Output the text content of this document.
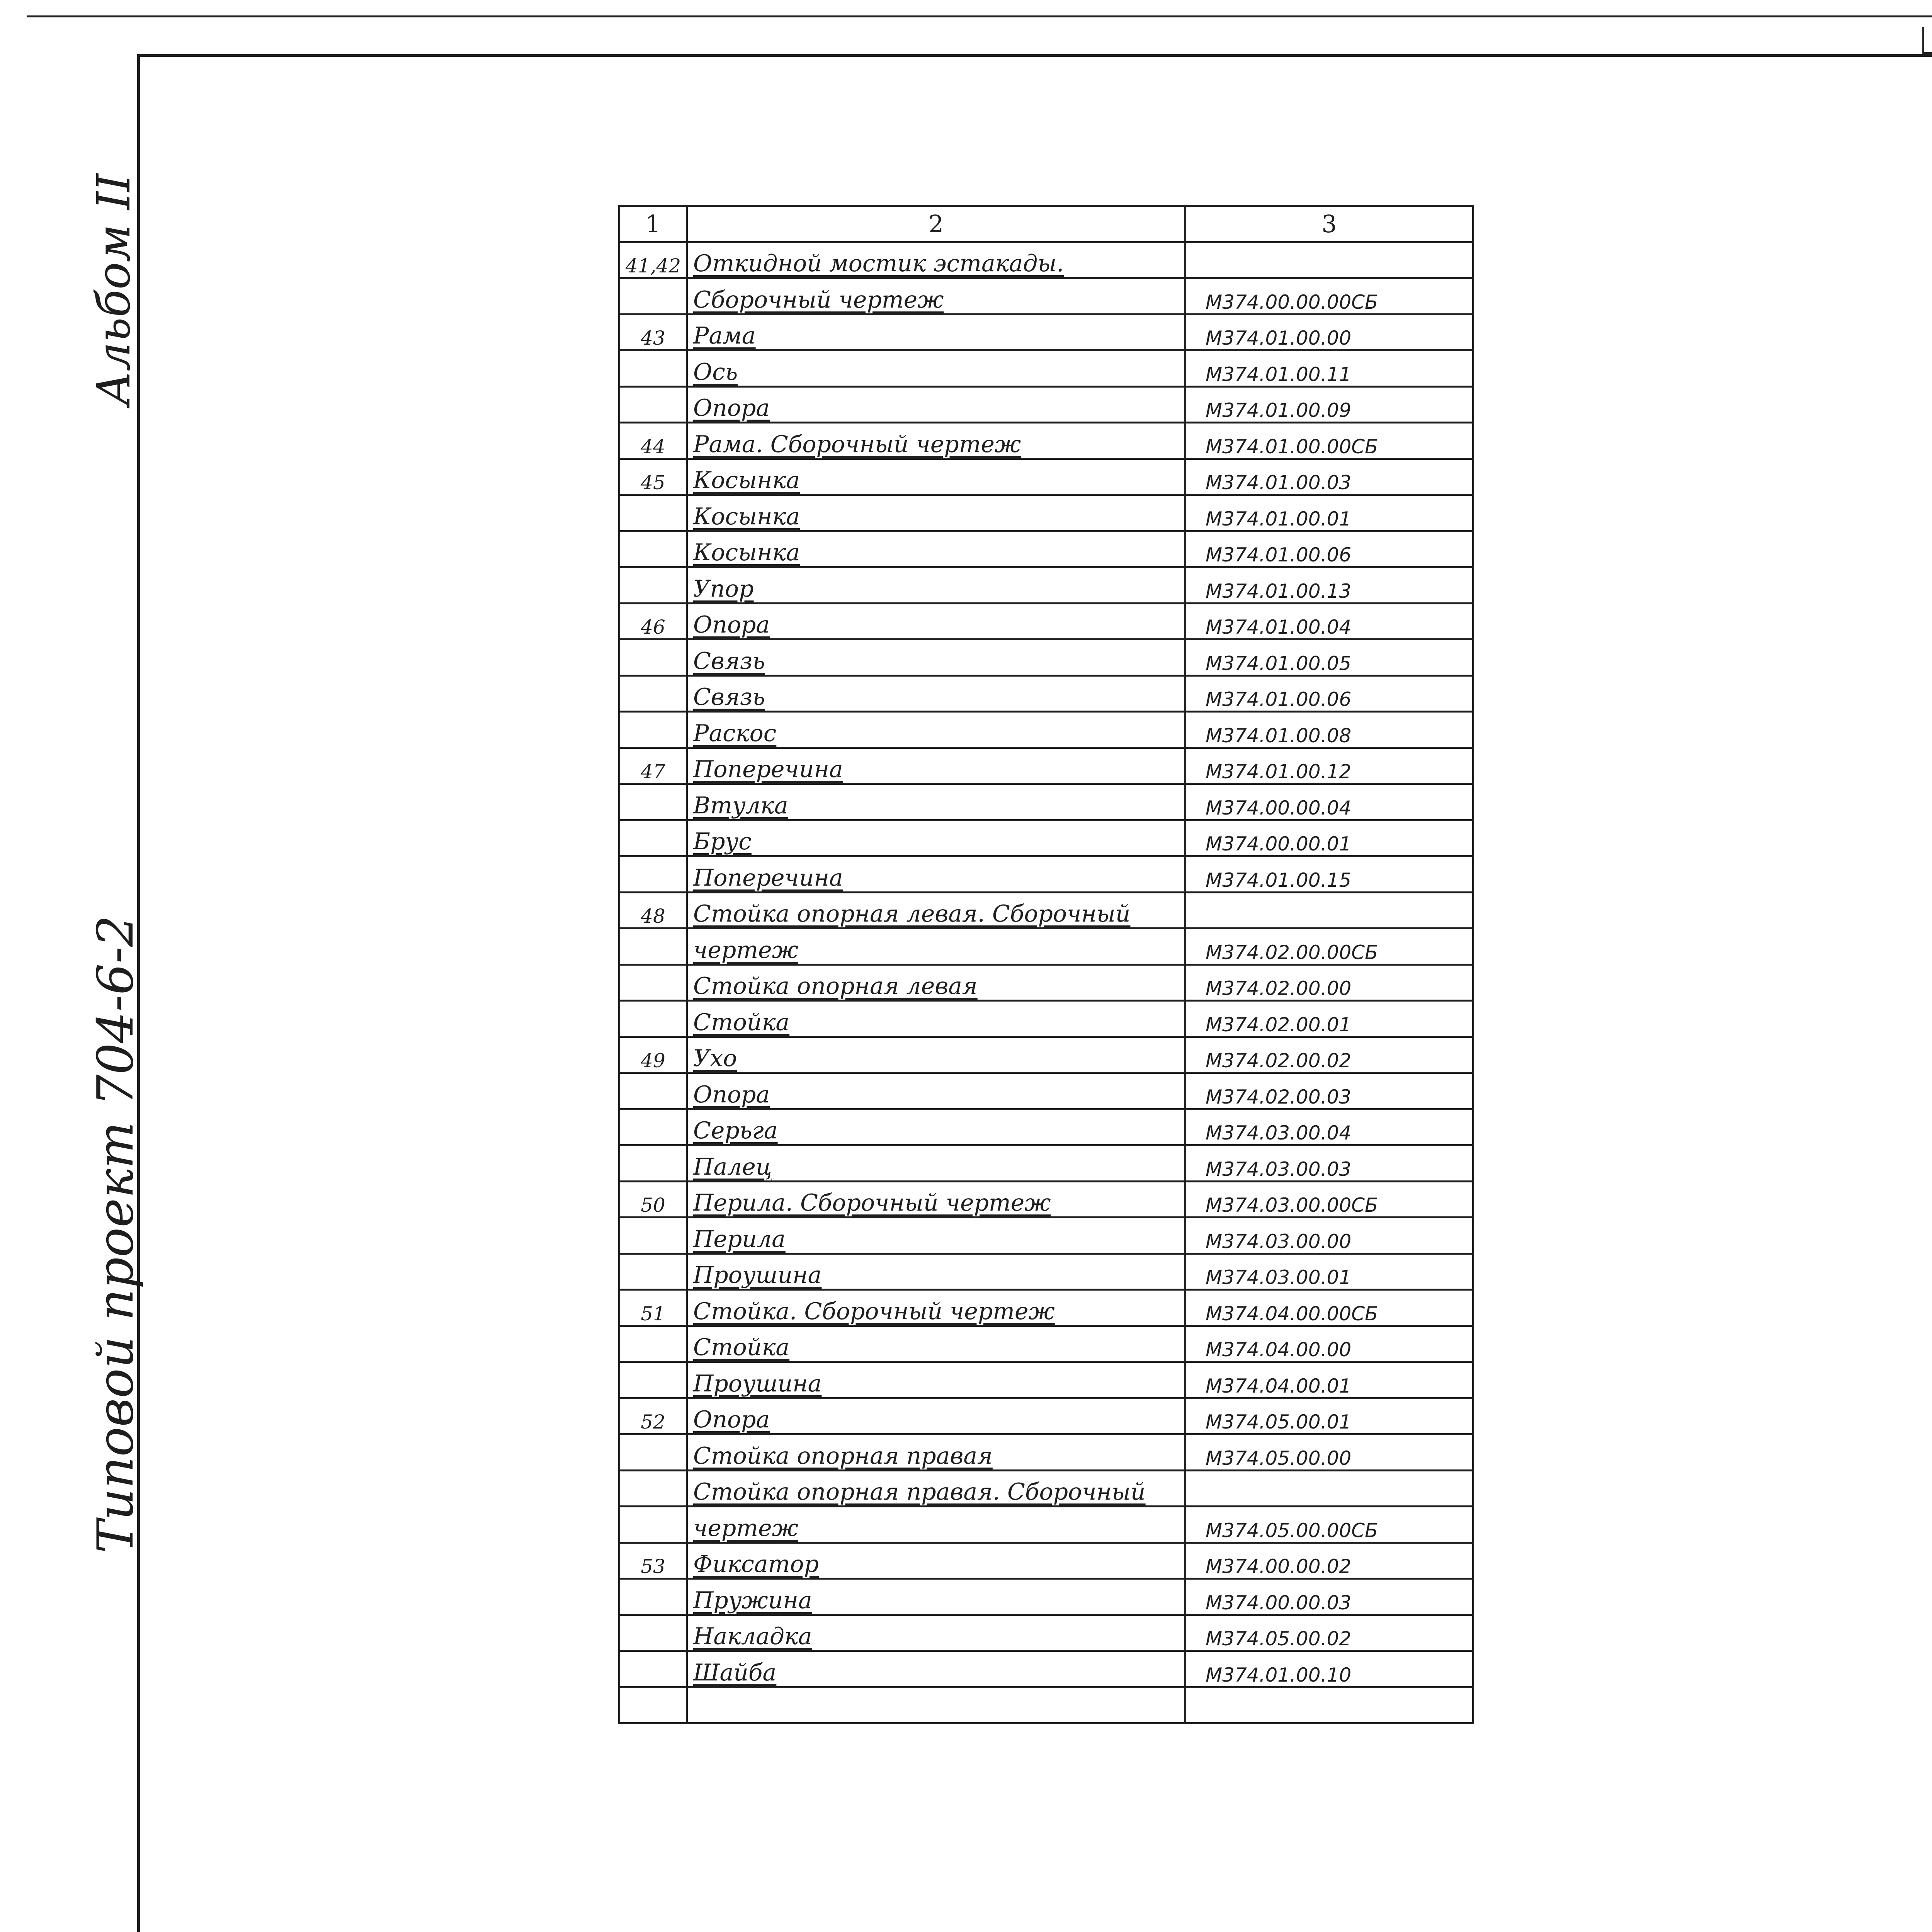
Альбом II
Типовой проект 704-6-2
1	2	3
41,42	Откидной мостик эстакады.	
	Сборочный чертеж	М374.00.00.00СБ
43	Рама	М374.01.00.00
	Ось	М374.01.00.11
	Опора	М374.01.00.09
44	Рама. Сборочный чертеж	М374.01.00.00СБ
45	Косынка	М374.01.00.03
	Косынка	М374.01.00.01
	Косынка	М374.01.00.06
	Упор	М374.01.00.13
46	Опора	М374.01.00.04
	Связь	М374.01.00.05
	Связь	М374.01.00.06
	Раскос	М374.01.00.08
47	Поперечина	М374.01.00.12
	Втулка	М374.00.00.04
	Брус	М374.00.00.01
	Поперечина	М374.01.00.15
48	Стойка опорная левая. Сборочный	
	чертеж	М374.02.00.00СБ
	Стойка опорная левая	М374.02.00.00
	Стойка	М374.02.00.01
49	Ухо	М374.02.00.02
	Опора	М374.02.00.03
	Серьга	М374.03.00.04
	Палец	М374.03.00.03
50	Перила. Сборочный чертеж	М374.03.00.00СБ
	Перила	М374.03.00.00
	Проушина	М374.03.00.01
51	Стойка. Сборочный чертеж	М374.04.00.00СБ
	Стойка	М374.04.00.00
	Проушина	М374.04.00.01
52	Опора	М374.05.00.01
	Стойка опорная правая	М374.05.00.00
	Стойка опорная правая. Сборочный	
	чертеж	М374.05.00.00СБ
53	Фиксатор	М374.00.00.02
	Пружина	М374.00.00.03
	Накладка	М374.05.00.02
	Шайба	М374.01.00.10
